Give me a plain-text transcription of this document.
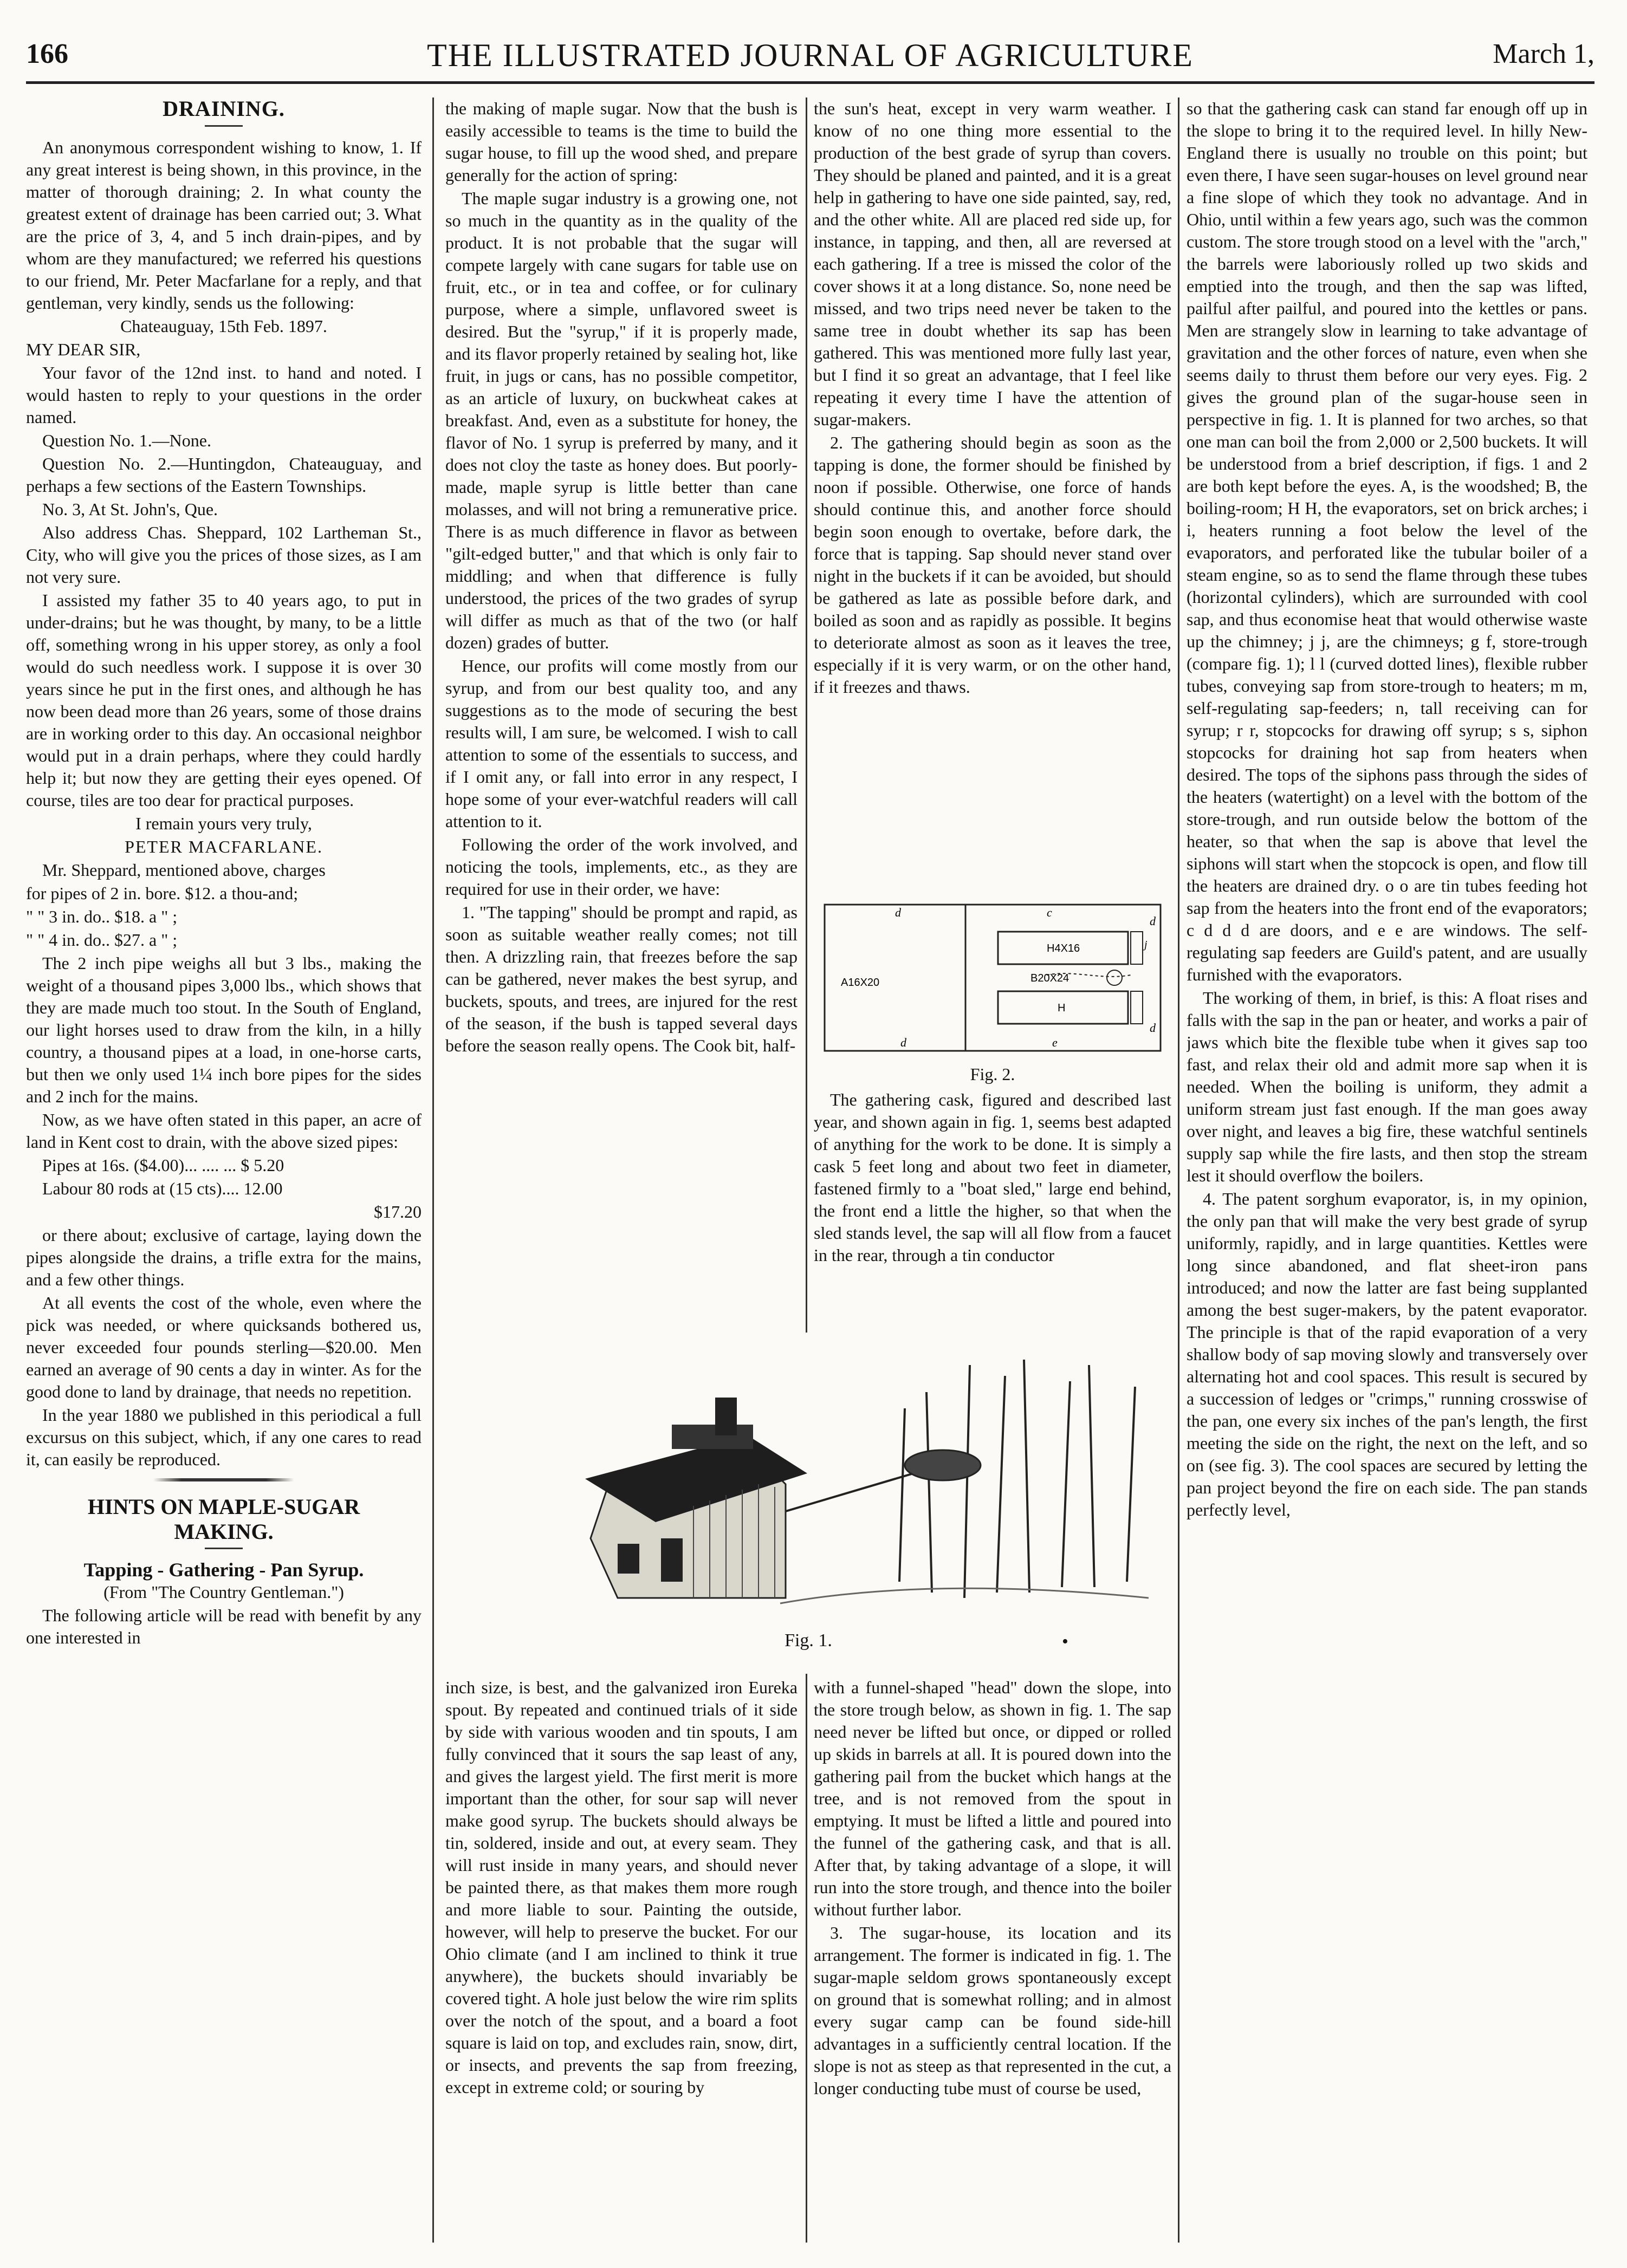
166	THE ILLUSTRATED JOURNAL OF AGRICULTURE	March 1,
DRAINING.

An anonymous correspondent wishing to know, 1. If any great interest is being shown, in this province, in the matter of thorough draining; 2. In what county the greatest extent of drainage has been carried out; 3. What are the price of 3, 4, and 5 inch drain-pipes, and by whom are they manufactured; we referred his questions to our friend, Mr. Peter Macfarlane for a reply, and that gentleman, very kindly, sends us the following:

Chateauguay, 15th Feb. 1897.

MY DEAR SIR,

Your favor of the 12nd inst. to hand and noted. I would hasten to reply to your questions in the order named.

Question No. 1.—None.

Question No. 2.—Huntingdon, Chateauguay, and perhaps a few sections of the Eastern Townships.

No. 3, At St. John's, Que.

Also address Chas. Sheppard, 102 Lartheman St., City, who will give you the prices of those sizes, as I am not very sure.

I assisted my father 35 to 40 years ago, to put in under-drains; but he was thought, by many, to be a little off, something wrong in his upper storey, as only a fool would do such needless work. I suppose it is over 30 years since he put in the first ones, and although he has now been dead more than 26 years, some of those drains are in working order to this day. An occasional neighbor would put in a drain perhaps, where they could hardly help it; but now they are getting their eyes opened. Of course, tiles are too dear for practical purposes.

I remain yours very truly,

PETER MACFARLANE.

Mr. Sheppard, mentioned above, charges

for pipes of 2 in. bore. $12. a thou-and;

" " 3 in. do.. $18. a " ;

" " 4 in. do.. $27. a " ;

The 2 inch pipe weighs all but 3 lbs., making the weight of a thousand pipes 3,000 lbs., which shows that they are made much too stout. In the South of England, our light horses used to draw from the kiln, in a hilly country, a thousand pipes at a load, in one-horse carts, but then we only used 1¼ inch bore pipes for the sides and 2 inch for the mains.

Now, as we have often stated in this paper, an acre of land in Kent cost to drain, with the above sized pipes:

Pipes at 16s. ($4.00)... .... ... $ 5.20

Labour 80 rods at (15 cts).... 12.00

$17.20

or there about; exclusive of cartage, laying down the pipes alongside the drains, a trifle extra for the mains, and a few other things.

At all events the cost of the whole, even where the pick was needed, or where quicksands bothered us, never exceeded four pounds sterling—$20.00. Men earned an average of 90 cents a day in winter. As for the good done to land by drainage, that needs no repetition.

In the year 1880 we published in this periodical a full excursus on this subject, which, if any one cares to read it, can easily be reproduced.

HINTS ON MAPLE-SUGAR
MAKING.
Tapping - Gathering - Pan Syrup.

(From "The Country Gentleman.")

The following article will be read with benefit by any one interested in

the making of maple sugar. Now that the bush is easily accessible to teams is the time to build the sugar house, to fill up the wood shed, and prepare generally for the action of spring:

The maple sugar industry is a growing one, not so much in the quantity as in the quality of the product. It is not probable that the sugar will compete largely with cane sugars for table use on fruit, etc., or in tea and coffee, or for culinary purpose, where a simple, unflavored sweet is desired. But the "syrup," if it is properly made, and its flavor properly retained by sealing hot, like fruit, in jugs or cans, has no possible competitor, as an article of luxury, on buckwheat cakes at breakfast. And, even as a substitute for honey, the flavor of No. 1 syrup is preferred by many, and it does not cloy the taste as honey does. But poorly-made, maple syrup is little better than cane molasses, and will not bring a remunerative price. There is as much difference in flavor as between "gilt-edged butter," and that which is only fair to middling; and when that difference is fully understood, the prices of the two grades of syrup will differ as much as that of the two (or half dozen) grades of butter.

Hence, our profits will come mostly from our syrup, and from our best quality too, and any suggestions as to the mode of securing the best results will, I am sure, be welcomed. I wish to call attention to some of the essentials to success, and if I omit any, or fall into error in any respect, I hope some of your ever-watchful readers will call attention to it.

Following the order of the work involved, and noticing the tools, implements, etc., as they are required for use in their order, we have:

1. "The tapping" should be prompt and rapid, as soon as suitable weather really comes; not till then. A drizzling rain, that freezes before the sap can be gathered, never makes the best syrup, and buckets, spouts, and trees, are injured for the rest of the season, if the bush is tapped several days before the season really opens. The Cook bit, half-

the sun's heat, except in very warm weather. I know of no one thing more essential to the production of the best grade of syrup than covers. They should be planed and painted, and it is a great help in gathering to have one side painted, say, red, and the other white. All are placed red side up, for instance, in tapping, and then, all are reversed at each gathering. If a tree is missed the color of the cover shows it at a long distance. So, none need be missed, and two trips need never be taken to the same tree in doubt whether its sap has been gathered. This was mentioned more fully last year, but I find it so great an advantage, that I feel like repeating it every time I have the attention of sugar-makers.

2. The gathering should begin as soon as the tapping is done, the former should be finished by noon if possible. Otherwise, one force of hands should continue this, and another force should begin soon enough to overtake, before dark, the force that is tapping. Sap should never stand over night in the buckets if it can be avoided, but should be gathered as late as possible before dark, and boiled as soon and as rapidly as possible. It begins to deteriorate almost as soon as it leaves the tree, especially if it is very warm, or on the other hand, if it freezes and thaws.

A16X20
H4X16
H
B20X24
d
d
c
e
d
d
j
Fig. 2.

The gathering cask, figured and described last year, and shown again in fig. 1, seems best adapted of anything for the work to be done. It is simply a cask 5 feet long and about two feet in diameter, fastened firmly to a "boat sled," large end behind, the front end a little the higher, so that when the sled stands level, the sap will all flow from a faucet in the rear, through a tin conductor

Fig. 1.	•

inch size, is best, and the galvanized iron Eureka spout. By repeated and continued trials of it side by side with various wooden and tin spouts, I am fully convinced that it sours the sap least of any, and gives the largest yield. The first merit is more important than the other, for sour sap will never make good syrup. The buckets should always be tin, soldered, inside and out, at every seam. They will rust inside in many years, and should never be painted there, as that makes them more rough and more liable to sour. Painting the outside, however, will help to preserve the bucket. For our Ohio climate (and I am inclined to think it true anywhere), the buckets should invariably be covered tight. A hole just below the wire rim splits over the notch of the spout, and a board a foot square is laid on top, and excludes rain, snow, dirt, or insects, and prevents the sap from freezing, except in extreme cold; or souring by

with a funnel-shaped "head" down the slope, into the store trough below, as shown in fig. 1. The sap need never be lifted but once, or dipped or rolled up skids in barrels at all. It is poured down into the gathering pail from the bucket which hangs at the tree, and is not removed from the spout in emptying. It must be lifted a little and poured into the funnel of the gathering cask, and that is all. After that, by taking advantage of a slope, it will run into the store trough, and thence into the boiler without further labor.

3. The sugar-house, its location and its arrangement. The former is indicated in fig. 1. The sugar-maple seldom grows spontaneously except on ground that is somewhat rolling; and in almost every sugar camp can be found side-hill advantages in a sufficiently central location. If the slope is not as steep as that represented in the cut, a longer conducting tube must of course be used,

so that the gathering cask can stand far enough off up in the slope to bring it to the required level. In hilly New-England there is usually no trouble on this point; but even there, I have seen sugar-houses on level ground near a fine slope of which they took no advantage. And in Ohio, until within a few years ago, such was the common custom. The store trough stood on a level with the "arch," the barrels were laboriously rolled up two skids and emptied into the trough, and then the sap was lifted, pailful after pailful, and poured into the kettles or pans. Men are strangely slow in learning to take advantage of gravitation and the other forces of nature, even when she seems daily to thrust them before our very eyes. Fig. 2 gives the ground plan of the sugar-house seen in perspective in fig. 1. It is planned for two arches, so that one man can boil the from 2,000 or 2,500 buckets. It will be understood from a brief description, if figs. 1 and 2 are both kept before the eyes. A, is the woodshed; B, the boiling-room; H H, the evaporators, set on brick arches; i i, heaters running a foot below the level of the evaporators, and perforated like the tubular boiler of a steam engine, so as to send the flame through these tubes (horizontal cylinders), which are surrounded with cool sap, and thus economise heat that would otherwise waste up the chimney; j j, are the chimneys; g f, store-trough (compare fig. 1); l l (curved dotted lines), flexible rubber tubes, conveying sap from store-trough to heaters; m m, self-regulating sap-feeders; n, tall receiving can for syrup; r r, stopcocks for drawing off syrup; s s, siphon stopcocks for draining hot sap from heaters when desired. The tops of the siphons pass through the sides of the heaters (watertight) on a level with the bottom of the store-trough, and run outside below the bottom of the heater, so that when the sap is above that level the siphons will start when the stopcock is open, and flow till the heaters are drained dry. o o are tin tubes feeding hot sap from the heaters into the front end of the evaporators; c d d d are doors, and e e are windows. The self-regulating sap feeders are Guild's patent, and are usually furnished with the evaporators.

The working of them, in brief, is this: A float rises and falls with the sap in the pan or heater, and works a pair of jaws which bite the flexible tube when it gives sap too fast, and relax their old and admit more sap when it is needed. When the boiling is uniform, they admit a uniform stream just fast enough. If the man goes away over night, and leaves a big fire, these watchful sentinels supply sap while the fire lasts, and then stop the stream lest it should overflow the boilers.

4. The patent sorghum evaporator, is, in my opinion, the only pan that will make the very best grade of syrup uniformly, rapidly, and in large quantities. Kettles were long since abandoned, and flat sheet-iron pans introduced; and now the latter are fast being supplanted among the best suger-makers, by the patent evaporator. The principle is that of the rapid evaporation of a very shallow body of sap moving slowly and transversely over alternating hot and cool spaces. This result is secured by a succession of ledges or "crimps," running crosswise of the pan, one every six inches of the pan's length, the first meeting the side on the right, the next on the left, and so on (see fig. 3). The cool spaces are secured by letting the pan project beyond the fire on each side. The pan stands perfectly level,
